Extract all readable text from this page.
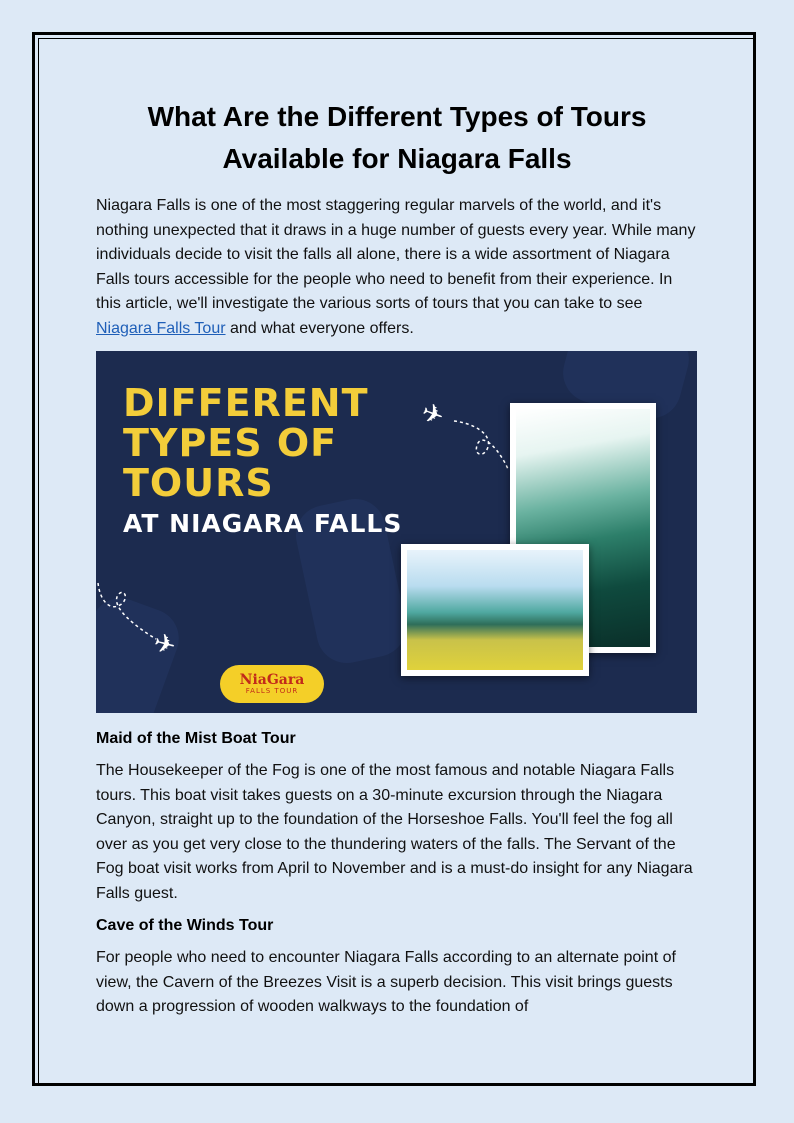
What Are the Different Types of Tours Available for Niagara Falls

Niagara Falls is one of the most staggering regular marvels of the world, and it's nothing unexpected that it draws in a huge number of guests every year. While many individuals decide to visit the falls all alone, there is a wide assortment of Niagara Falls tours accessible for the people who need to benefit from their experience. In this article, we'll investigate the various sorts of tours that you can take to see Niagara Falls Tour and what everyone offers.

DIFFERENT
TYPES OF
TOURS
AT NIAGARA FALLS
✈
✈
NiaGara
FALLS TOUR
Maid of the Mist Boat Tour

The Housekeeper of the Fog is one of the most famous and notable Niagara Falls tours. This boat visit takes guests on a 30-minute excursion through the Niagara Canyon, straight up to the foundation of the Horseshoe Falls. You'll feel the fog all over as you get very close to the thundering waters of the falls. The Servant of the Fog boat visit works from April to November and is a must-do insight for any Niagara Falls guest.

Cave of the Winds Tour

For people who need to encounter Niagara Falls according to an alternate point of view, the Cavern of the Breezes Visit is a superb decision. This visit brings guests down a progression of wooden walkways to the foundation of
